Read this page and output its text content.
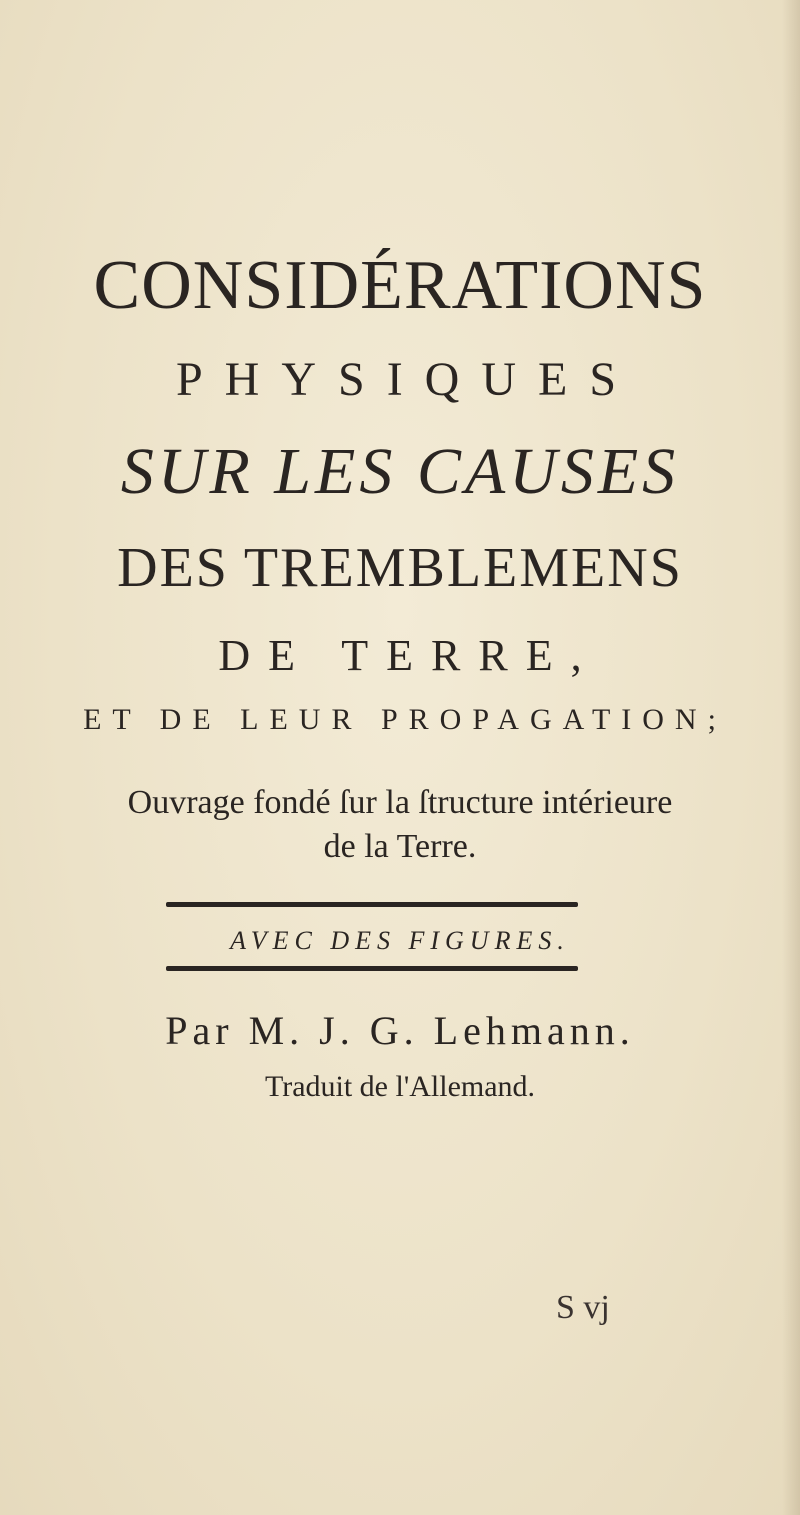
CONSIDÉRATIONS
PHYSIQUES
SUR LES CAUSES
DES TREMBLEMENS
DE TERRE,
ET DE LEUR PROPAGATION;
Ouvrage fondé ſur la ſtructure intérieure
de la Terre.
AVEC DES FIGURES.
Par M. J. G. Lehmann.
Traduit de l'Allemand.
S vj
